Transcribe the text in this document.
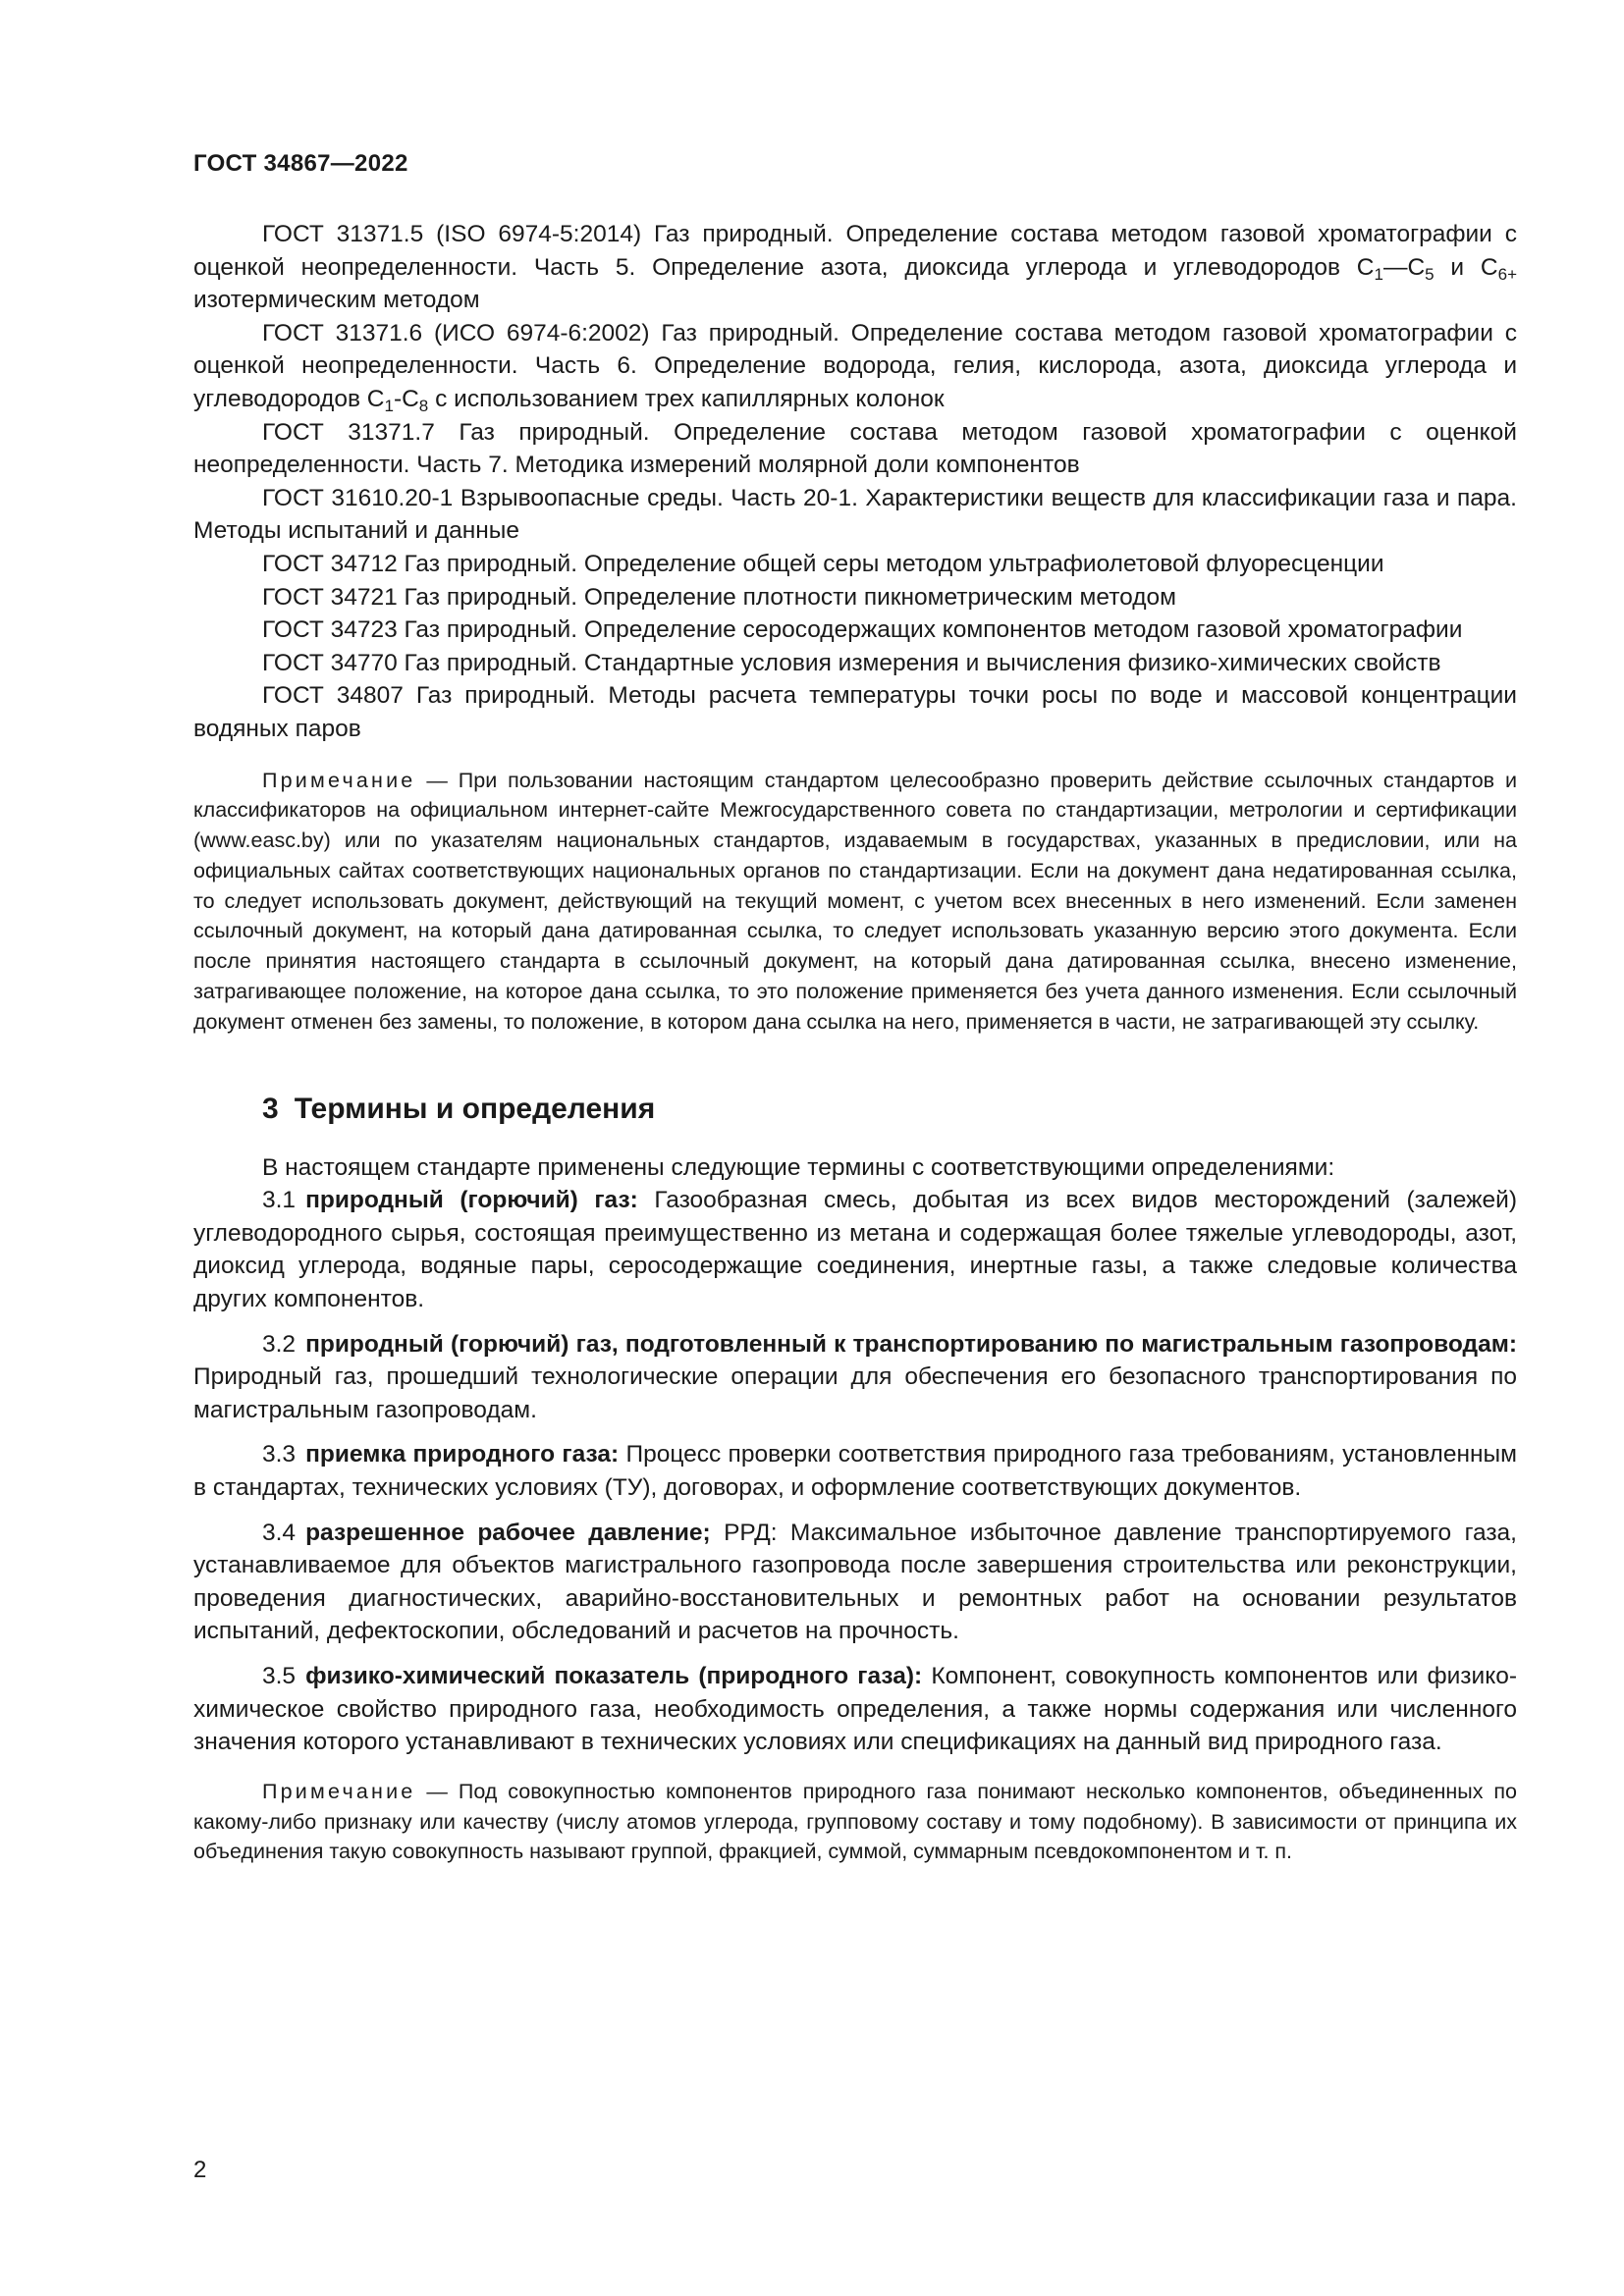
ГОСТ 34867—2022

ГОСТ 31371.5 (ISO 6974-5:2014) Газ природный. Определение состава методом газовой хроматографии с оценкой неопределенности. Часть 5. Определение азота, диоксида углерода и углеводородов $C_1—C_5$ и $C_{6+}$ изотермическим методом

ГОСТ 31371.6 (ИСО 6974-6:2002) Газ природный. Определение состава методом газовой хроматографии с оценкой неопределенности. Часть 6. Определение водорода, гелия, кислорода, азота, диоксида углерода и углеводородов $C_1-C_8$ с использованием трех капиллярных колонок

ГОСТ 31371.7 Газ природный. Определение состава методом газовой хроматографии с оценкой неопределенности. Часть 7. Методика измерений молярной доли компонентов

ГОСТ 31610.20-1 Взрывоопасные среды. Часть 20-1. Характеристики веществ для классификации газа и пара. Методы испытаний и данные

ГОСТ 34712 Газ природный. Определение общей серы методом ультрафиолетовой флуоресценции

ГОСТ 34721 Газ природный. Определение плотности пикнометрическим методом

ГОСТ 34723 Газ природный. Определение серосодержащих компонентов методом газовой хроматографии

ГОСТ 34770 Газ природный. Стандартные условия измерения и вычисления физико-химических свойств

ГОСТ 34807 Газ природный. Методы расчета температуры точки росы по воде и массовой концентрации водяных паров

Примечание — При пользовании настоящим стандартом целесообразно проверить действие ссылочных стандартов и классификаторов на официальном интернет-сайте Межгосударственного совета по стандартизации, метрологии и сертификации (www.easc.by) или по указателям национальных стандартов, издаваемым в государствах, указанных в предисловии, или на официальных сайтах соответствующих национальных органов по стандартизации. Если на документ дана недатированная ссылка, то следует использовать документ, действующий на текущий момент, с учетом всех внесенных в него изменений. Если заменен ссылочный документ, на который дана датированная ссылка, то следует использовать указанную версию этого документа. Если после принятия настоящего стандарта в ссылочный документ, на который дана датированная ссылка, внесено изменение, затрагивающее положение, на которое дана ссылка, то это положение применяется без учета данного изменения. Если ссылочный документ отменен без замены, то положение, в котором дана ссылка на него, применяется в части, не затрагивающей эту ссылку.

3 Термины и определения

В настоящем стандарте применены следующие термины с соответствующими определениями:

3.1 природный (горючий) газ: Газообразная смесь, добытая из всех видов месторождений (залежей) углеводородного сырья, состоящая преимущественно из метана и содержащая более тяжелые углеводороды, азот, диоксид углерода, водяные пары, серосодержащие соединения, инертные газы, а также следовые количества других компонентов.

3.2 природный (горючий) газ, подготовленный к транспортированию по магистральным газопроводам: Природный газ, прошедший технологические операции для обеспечения его безопасного транспортирования по магистральным газопроводам.

3.3 приемка природного газа: Процесс проверки соответствия природного газа требованиям, установленным в стандартах, технических условиях (ТУ), договорах, и оформление соответствующих документов.

3.4 разрешенное рабочее давление; РРД: Максимальное избыточное давление транспортируемого газа, устанавливаемое для объектов магистрального газопровода после завершения строительства или реконструкции, проведения диагностических, аварийно-восстановительных и ремонтных работ на основании результатов испытаний, дефектоскопии, обследований и расчетов на прочность.

3.5 физико-химический показатель (природного газа): Компонент, совокупность компонентов или физико-химическое свойство природного газа, необходимость определения, а также нормы содержания или численного значения которого устанавливают в технических условиях или спецификациях на данный вид природного газа.

Примечание — Под совокупностью компонентов природного газа понимают несколько компонентов, объединенных по какому-либо признаку или качеству (числу атомов углерода, групповому составу и тому подобному). В зависимости от принципа их объединения такую совокупность называют группой, фракцией, суммой, суммарным псевдокомпонентом и т. п.

2
